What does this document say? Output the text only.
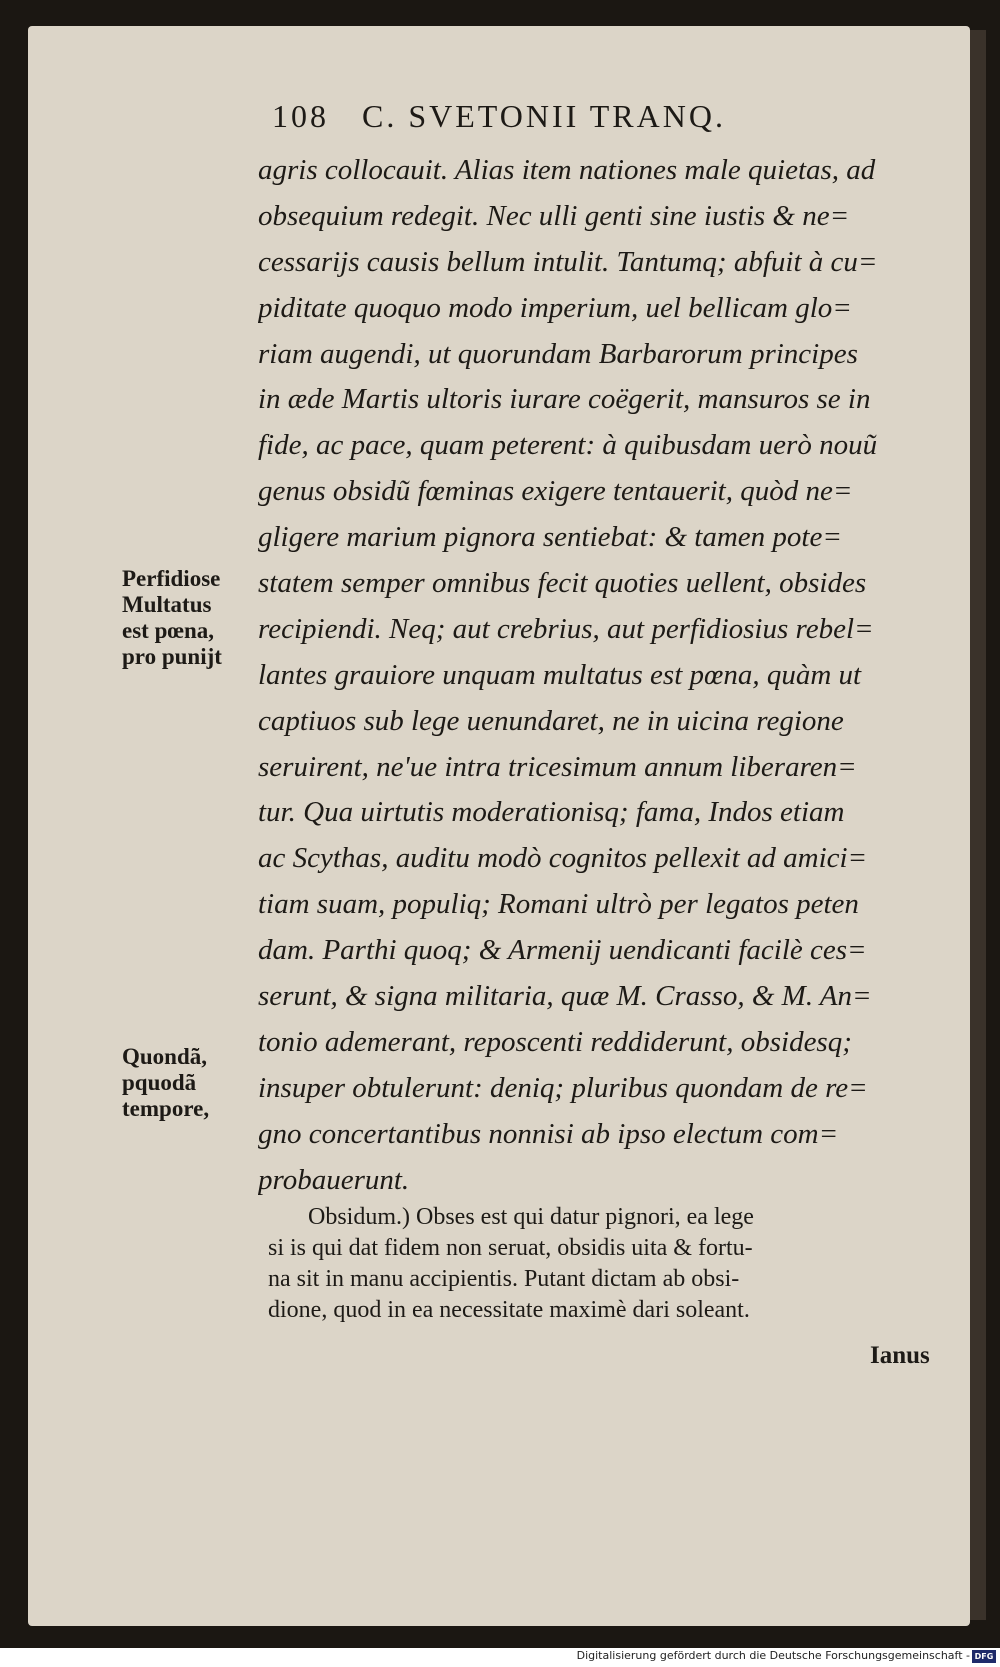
108 C. SVETONII TRANQ.
agris collocauit. Alias item nationes male quietas, ad
obsequium redegit. Nec ulli genti sine iustis & ne=
cessarijs causis bellum intulit. Tantumq; abfuit à cu=
piditate quoquo modo imperium, uel bellicam glo=
riam augendi, ut quorundam Barbarorum principes
in æde Martis ultoris iurare coëgerit, mansuros se in
fide, ac pace, quam peterent: à quibusdam uerò nouũ
genus obsidũ fœminas exigere tentauerit, quòd ne=
gligere marium pignora sentiebat: & tamen pote=
statem semper omnibus fecit quoties uellent, obsides
recipiendi. Neq; aut crebrius, aut perfidiosius rebel=
lantes grauiore unquam multatus est pœna, quàm ut
captiuos sub lege uenundaret, ne in uicina regione
seruirent, ne'ue intra tricesimum annum liberaren=
tur. Qua uirtutis moderationisq; fama, Indos etiam
ac Scythas, auditu modò cognitos pellexit ad amici=
tiam suam, populiq; Romani ultrò per legatos peten
dam. Parthi quoq; & Armenij uendicanti facilè ces=
serunt, & signa militaria, quæ M. Crasso, & M. An=
tonio ademerant, reposcenti reddiderunt, obsidesq;
insuper obtulerunt: deniq; pluribus quondam de re=
gno concertantibus nonnisi ab ipso electum com=
probauerunt.
Perfidiose
Multatus
est pœna,
pro punijt
Quondã,
pquodã
tempore,
Obsidum.) Obses est qui datur pignori, ea lege
si is qui dat fidem non seruat, obsidis uita & fortu-
na sit in manu accipientis. Putant dictam ab obsi-
dione, quod in ea necessitate maximè dari soleant.
Ianus
Digitalisierung gefördert durch die Deutsche Forschungsgemeinschaft - DFG
